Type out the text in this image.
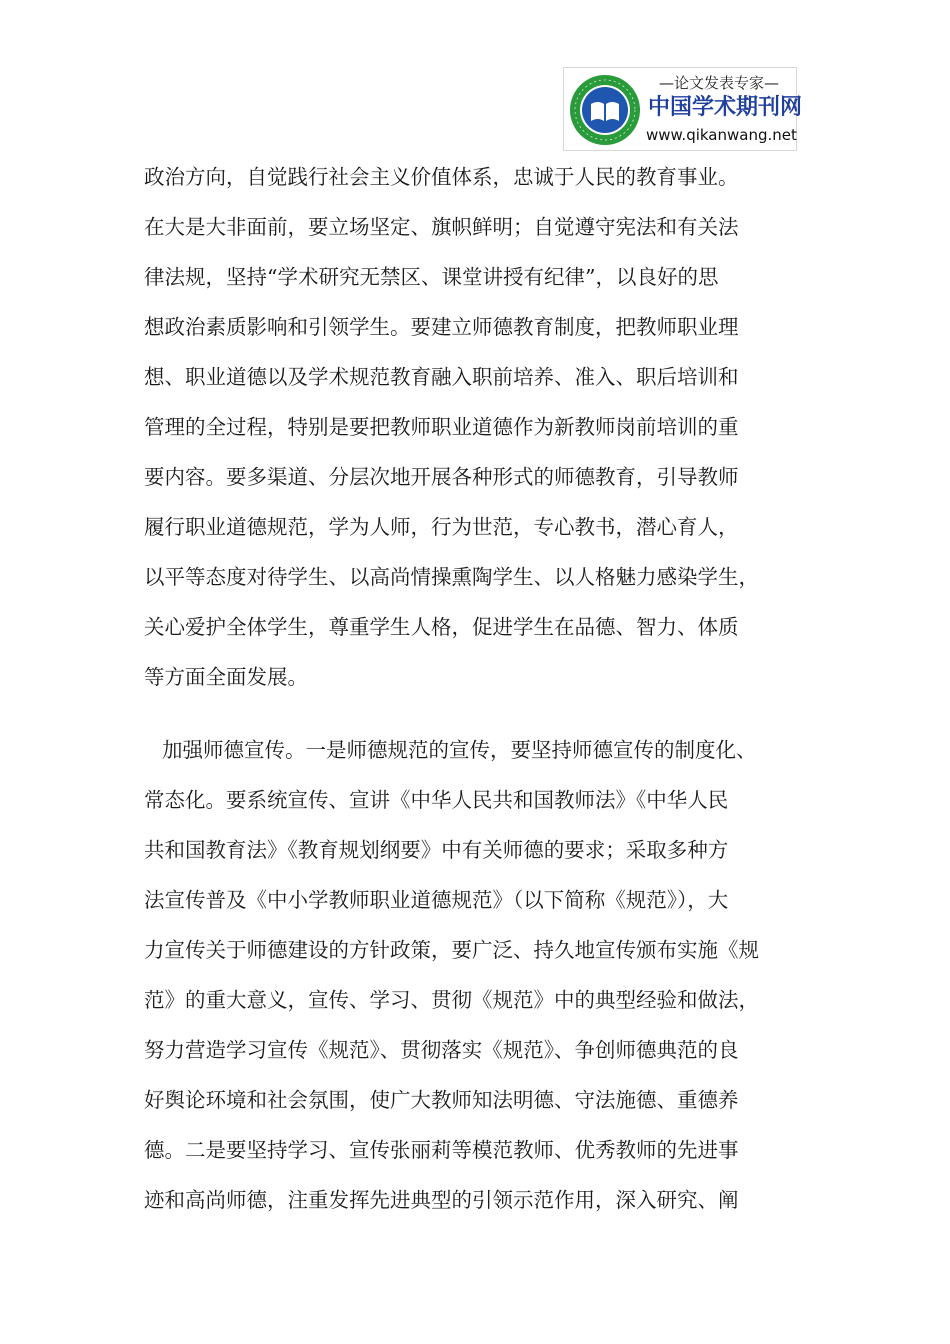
—论文发表专家—
中国学术期刊网
www.qikanwang.net
政治方向，自觉践行社会主义价值体系，忠诚于人民的教育事业。
在大是大非面前，要立场坚定、旗帜鲜明；自觉遵守宪法和有关法
律法规，坚持“学术研究无禁区、课堂讲授有纪律”，以良好的思
想政治素质影响和引领学生。要建立师德教育制度，把教师职业理
想、职业道德以及学术规范教育融入职前培养、准入、职后培训和
管理的全过程，特别是要把教师职业道德作为新教师岗前培训的重
要内容。要多渠道、分层次地开展各种形式的师德教育，引导教师
履行职业道德规范，学为人师，行为世范，专心教书，潜心育人，
以平等态度对待学生、以高尚情操熏陶学生、以人格魅力感染学生，
关心爱护全体学生，尊重学生人格，促进学生在品德、智力、体质
等方面全面发展。
加强师德宣传。一是师德规范的宣传，要坚持师德宣传的制度化、
常态化。要系统宣传、宣讲《中华人民共和国教师法》《中华人民
共和国教育法》《教育规划纲要》中有关师德的要求；采取多种方
法宣传普及《中小学教师职业道德规范》（以下简称《规范》），大
力宣传关于师德建设的方针政策，要广泛、持久地宣传颁布实施《规
范》的重大意义，宣传、学习、贯彻《规范》中的典型经验和做法，
努力营造学习宣传《规范》、贯彻落实《规范》、争创师德典范的良
好舆论环境和社会氛围，使广大教师知法明德、守法施德、重德养
德。二是要坚持学习、宣传张丽莉等模范教师、优秀教师的先进事
迹和高尚师德，注重发挥先进典型的引领示范作用，深入研究、阐
